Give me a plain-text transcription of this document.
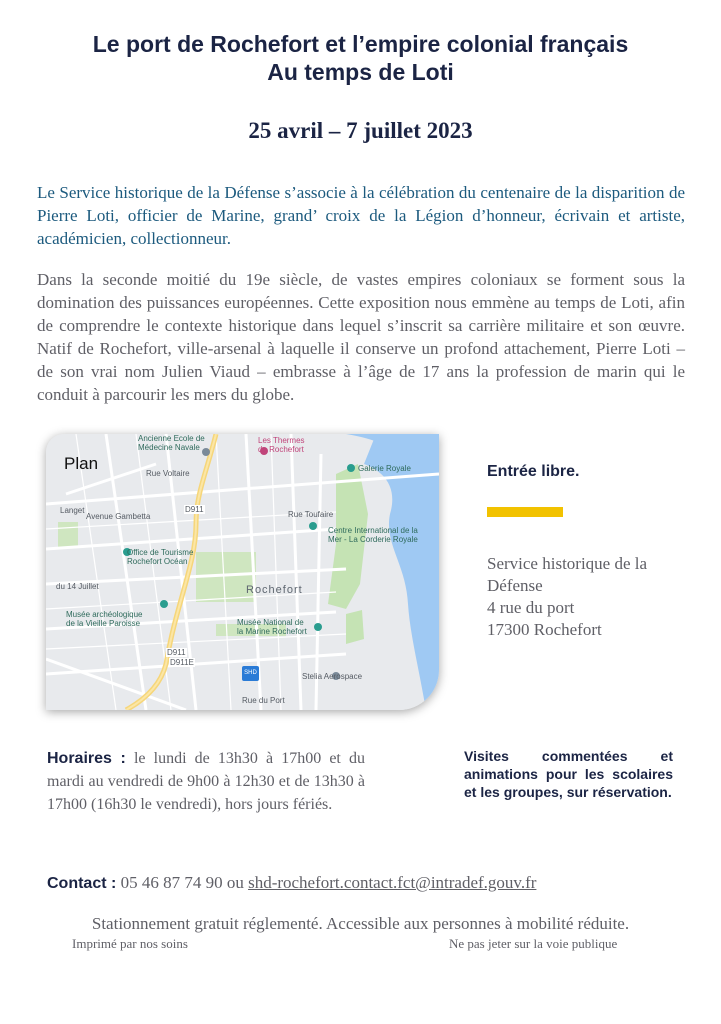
Le port de Rochefort et l’empire colonial français
Au temps de Loti
25 avril – 7 juillet 2023
Le Service historique de la Défense s’associe à la célébration du centenaire de la disparition de Pierre Loti, officier de Marine, grand’ croix de la Légion d’honneur, écrivain et artiste, académicien, collectionneur.
Dans la seconde moitié du 19e siècle, de vastes empires coloniaux se forment sous la domination des puissances européennes. Cette exposition nous emmène au temps de Loti, afin de comprendre le contexte historique dans lequel s’inscrit sa carrière militaire et son œuvre. Natif de Rochefort, ville-arsenal à laquelle il conserve un profond attachement, Pierre Loti – de son vrai nom Julien Viaud – embrasse à l’âge de 17 ans la profession de marin qui le conduit à parcourir les mers du globe.
Plan
Ancienne Ecole de
Médecine Navale
Les Thermes
de Rochefort
Galerie Royale
Centre International de la
Mer - La Corderie Royale
Office de Tourisme
Rochefort Océan
Musée archéologique
de la Vieille Paroisse	Musée National de
la Marine Rochefort
Stelia Aerospace
Langet
Avenue Gambetta
du 14 Juillet
D911
D911
D911E
Rue Toufaire
Rue Voltaire
Rue du Port
Rochefort
SHD
Entrée libre.
Service historique de la
Défense
4 rue du port
17300 Rochefort
Horaires : le lundi de 13h30 à 17h00 et du mardi au vendredi de 9h00 à 12h30 et de 13h30 à 17h00 (16h30 le vendredi), hors jours fériés.
Visites commentées et animations pour les scolaires et les groupes, sur réservation.
Contact : 05 46 87 74 90 ou shd-rochefort.contact.fct@intradef.gouv.fr
Stationnement gratuit réglementé. Accessible aux personnes à mobilité réduite.
Imprimé par nos soins	Ne pas jeter sur la voie publique
